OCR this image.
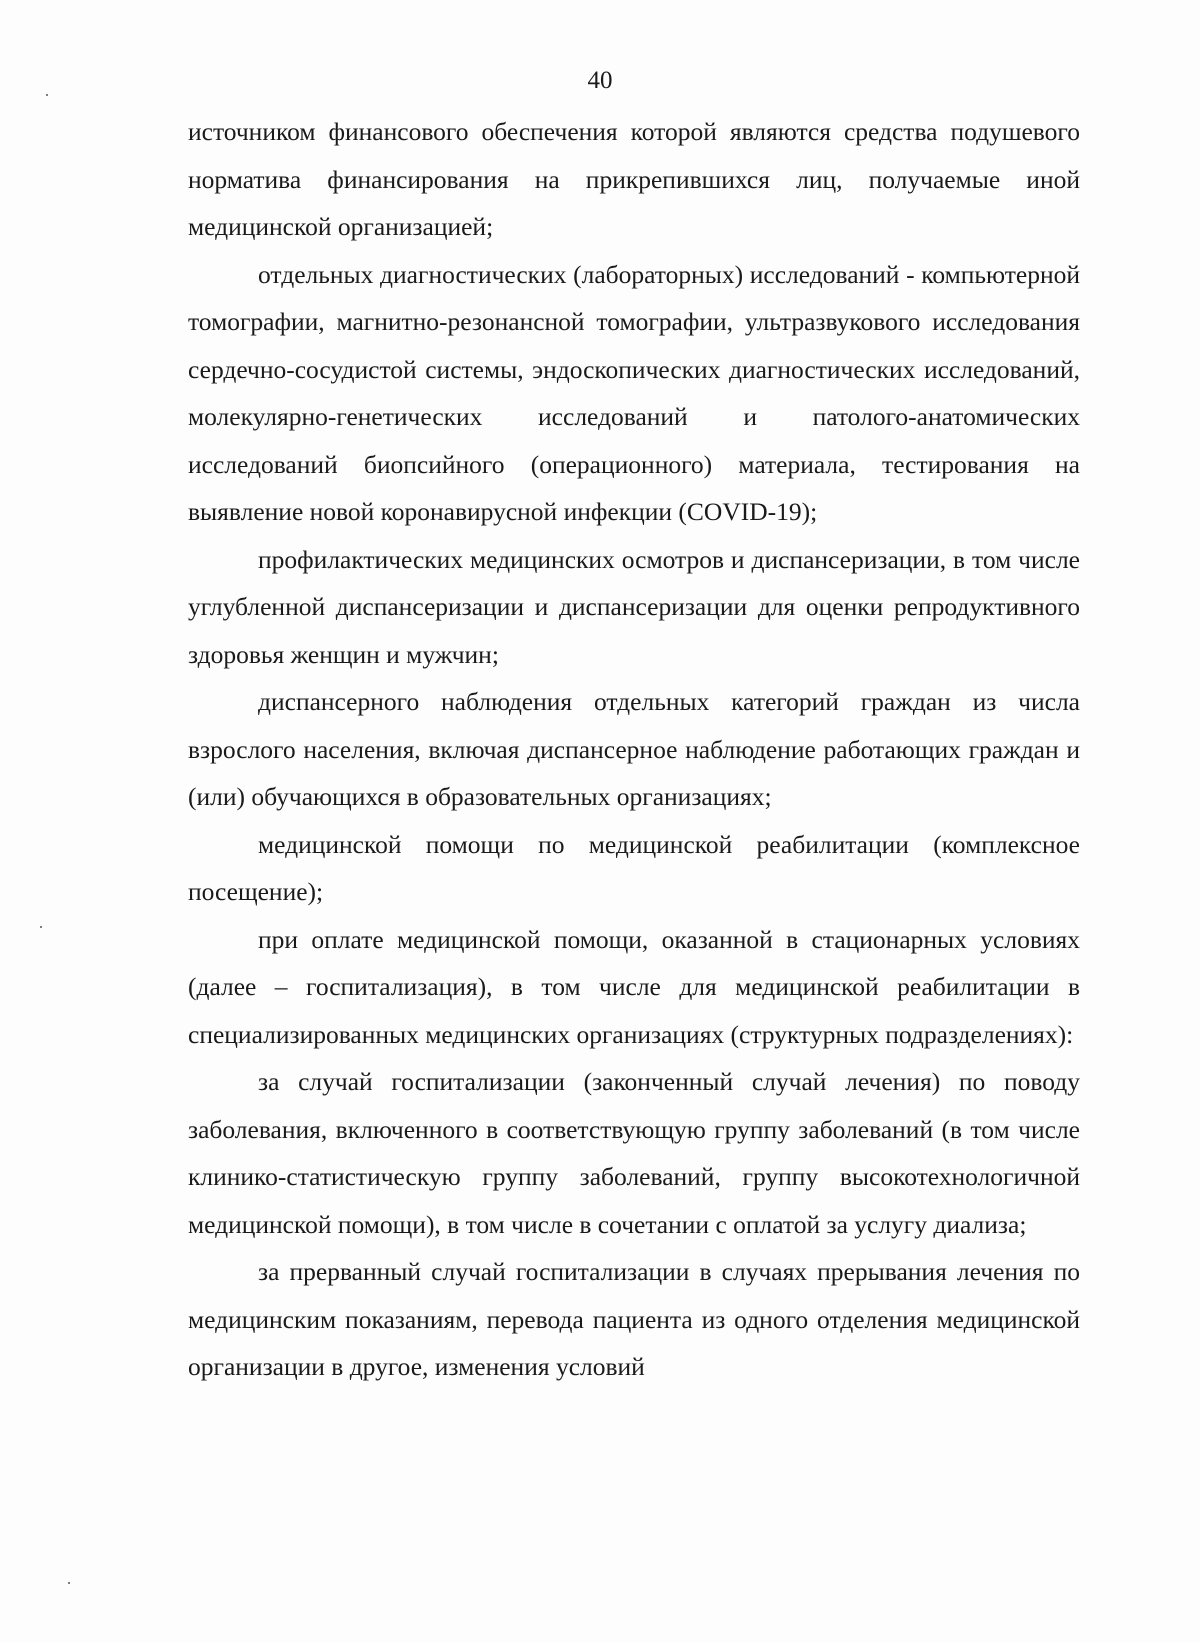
40

источником финансового обеспечения которой являются средства подушевого норматива финансирования на прикрепившихся лиц, получаемые иной медицинской организацией;

отдельных диагностических (лабораторных) исследований - компьютерной томографии, магнитно-резонансной томографии, ультразвукового исследования сердечно-сосудистой системы, эндоскопических диагностических исследований, молекулярно-генетических исследований и патолого-анатомических исследований биопсийного (операционного) материала, тестирования на выявление новой коронавирусной инфекции (COVID-19);

профилактических медицинских осмотров и диспансеризации, в том числе углубленной диспансеризации и диспансеризации для оценки репродуктивного здоровья женщин и мужчин;

диспансерного наблюдения отдельных категорий граждан из числа взрослого населения, включая диспансерное наблюдение работающих граждан и (или) обучающихся в образовательных организациях;

медицинской помощи по медицинской реабилитации (комплексное посещение);

при оплате медицинской помощи, оказанной в стационарных условиях (далее – госпитализация), в том числе для медицинской реабилитации в специализированных медицинских организациях (структурных подразделениях):

за случай госпитализации (законченный случай лечения) по поводу заболевания, включенного в соответствующую группу заболеваний (в том числе клинико-статистическую группу заболеваний, группу высокотехнологичной медицинской помощи), в том числе в сочетании с оплатой за услугу диализа;

за прерванный случай госпитализации в случаях прерывания лечения по медицинским показаниям, перевода пациента из одного отделения медицинской организации в другое, изменения условий
